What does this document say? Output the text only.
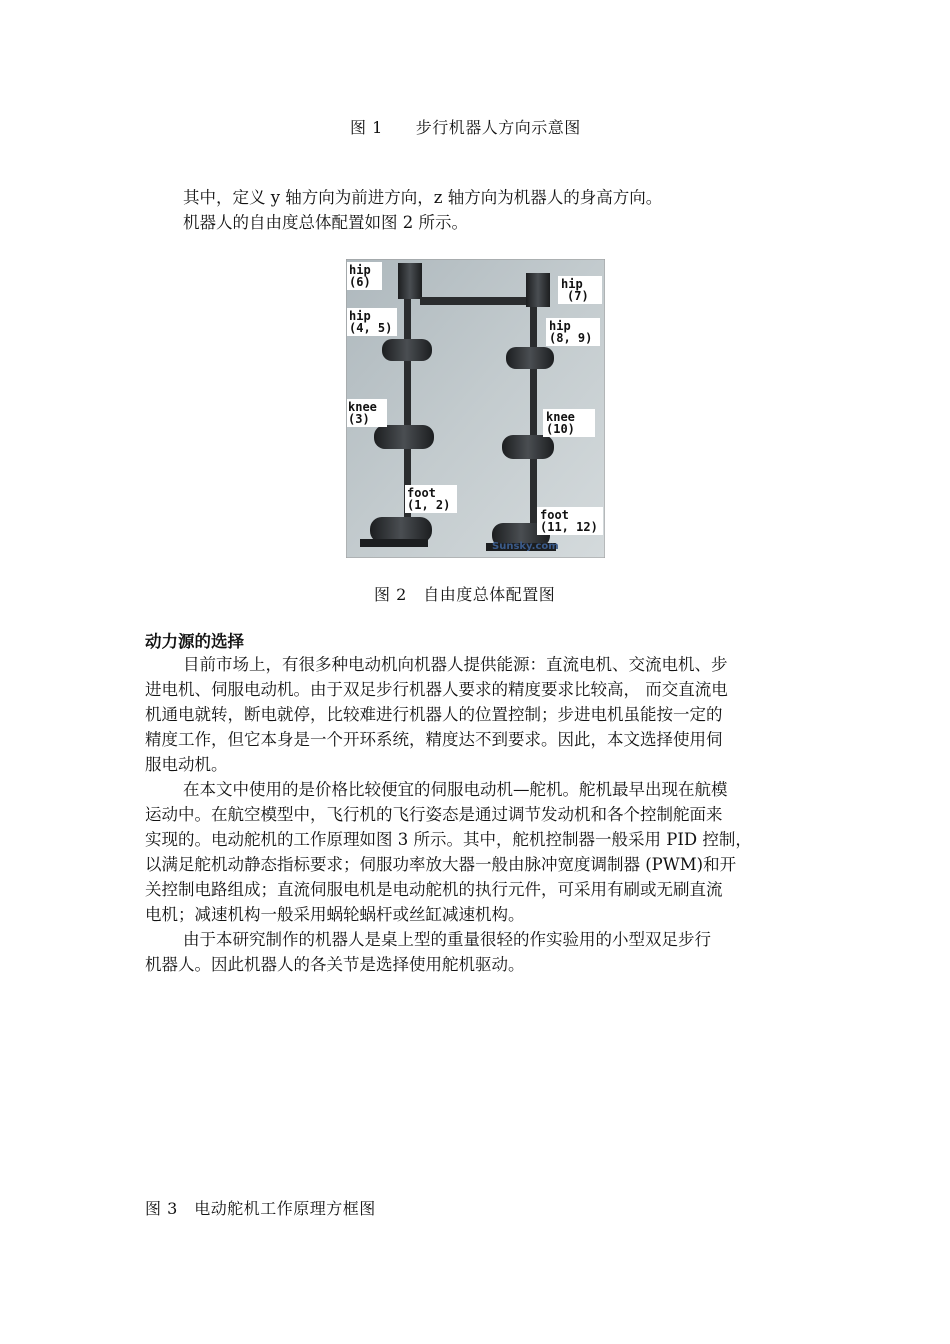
图 1　　步行机器人方向示意图
其中，定义 y 轴方向为前进方向，z 轴方向为机器人的身高方向。
机器人的自由度总体配置如图 2 所示。
hip
(6)	hip
(7)
hip
(4, 5)	hip
(8, 9)
knee
(3)	knee
(10)
foot
(1, 2)
foot
(11, 12)
Sunsky.com
图 2　自由度总体配置图
动力源的选择
目前市场上，有很多种电动机向机器人提供能源：直流电机、交流电机、步
进电机、伺服电动机。由于双足步行机器人要求的精度要求比较高， 而交直流电
机通电就转，断电就停，比较难进行机器人的位置控制；步进电机虽能按一定的
精度工作，但它本身是一个开环系统，精度达不到要求。因此，本文选择使用伺
服电动机。
在本文中使用的是价格比较便宜的伺服电动机—舵机。舵机最早出现在航模
运动中。在航空模型中，飞行机的飞行姿态是通过调节发动机和各个控制舵面来
实现的。电动舵机的工作原理如图 3 所示。其中，舵机控制器一般采用 PID 控制，
以满足舵机动静态指标要求；伺服功率放大器一般由脉冲宽度调制器 (PWM)和开
关控制电路组成；直流伺服电机是电动舵机的执行元件，可采用有刷或无刷直流
电机；减速机构一般采用蜗轮蜗杆或丝缸减速机构。
由于本研究制作的机器人是桌上型的重量很轻的作实验用的小型双足步行
机器人。因此机器人的各关节是选择使用舵机驱动。
图 3　电动舵机工作原理方框图
